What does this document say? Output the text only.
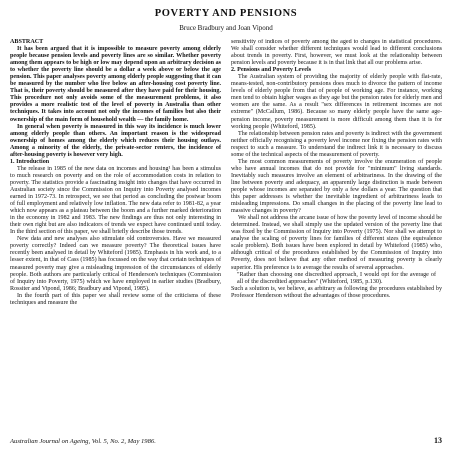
POVERTY AND PENSIONS
Bruce Bradbury and Joan Vipond

ABSTRACT

It has been argued that it is impossible to measure poverty among elderly people because pension levels and poverty lines are so similar. Whether poverty among them appears to be high or low may depend upon an arbitrary decision as to whether the poverty line should be a dollar a week above or below the age pension. This paper analyses poverty among elderly people suggesting that it can be measured by the number who live below an after-housing cost poverty line. That is, their poverty should be measured after they have paid for their housing. This procedure not only avoids some of the measurement problems, it also provides a more realistic test of the level of poverty in Australia than other techniques. It takes into account not only the incomes of families but also their ownership of the main form of household wealth — the family home.

In general when poverty is measured in this way its incidence is much lower among elderly people than others. An important reason is the widespread ownership of homes among the elderly which reduces their housing outlays. Among a minority of the elderly, the private-sector renters, the incidence of after-housing poverty is however very high.

1. Introduction

The release in 1985 of the new data on incomes and housing¹ has been a stimulus to much research on poverty and on the role of accommodation costs in relation to poverty. The statistics provide a fascinating insight into changes that have occurred in Australian society since the Commission on Inquiry into Poverty analysed incomes earned in 1972-73. In retrospect, we see that period as concluding the postwar boom of full employment and relatively low inflation. The new data refer to 1981-82, a year which now appears as a plateau between the boom and a further marked deterioration in the economy in 1982 and 1983. The new findings are thus not only interesting in their own right but are also indicators of trends we expect have continued until today. In the third section of this paper, we shall briefly describe those trends.

New data and new analyses also stimulate old controversies. Have we measured poverty correctly? Indeed can we measure poverty? The theoretical issues have recently been analysed in detail by Whiteford (1985). Emphasis in his work and, to a lesser extent, in that of Cass (1985) has focussed on the way that certain techniques of measured poverty may give a misleading impression of the circumstances of elderly people. Both authors are particularly critical of Henderson's techniques (Commission of Inquiry into Poverty, 1975) which we have employed in earlier studies (Bradbury, Rossiter and Vipond, 1986; Bradbury and Vipond, 1985).

In the fourth part of this paper we shall review some of the criticisms of these techniques and measure the

sensitivity of indices of poverty among the aged to changes in statistical procedures. We shall consider whether different techniques would lead to different conclusions about trends in poverty. First, however, we must look at the relationship between pension levels and poverty because it is in that link that all our problems arise.

2. Pensions and Poverty Levels

The Australian system of providing the majority of elderly people with flat-rate, means-tested, non-contributory pensions does much to divorce the pattern of income levels of elderly people from that of people of working age. For instance, working men tend to obtain higher wages as they age but the pension rates for elderly men and women are the same. As a result "sex differences in retirement incomes are not extreme" (McCallum, 1986). Because so many elderly people have the same age-pension income, poverty measurement is more difficult among them than it is for working people (Whiteford, 1985).

The relationship between pension rates and poverty is indirect with the government neither officially recognising a poverty level income nor fixing the pension rates with respect to such a measure. To understand the indirect link it is necessary to discuss some of the technical aspects of the measurement of poverty.

The most common measurements of poverty involve the enumeration of people who have annual incomes that do not provide for "minimum" living standards. Inevitably such measures involve an element of arbitrariness. In the drawing of the line between poverty and adequacy, an apparently large distinction is made between people whose incomes are separated by only a few dollars a year. The question that this paper addresses is whether the inevitable ingredient of arbitrariness leads to misleading impressions. Do small changes in the placing of the poverty line lead to massive changes in poverty?

We shall not address the arcane issue of how the poverty level of income should be determined. Instead, we shall simply use the updated version of the poverty line that was fixed by the Commission of Inquiry into Poverty (1975). Nor shall we attempt to analyse the scaling of poverty lines for families of different sizes (the equivalence scale problem). Both issues have been explored in detail by Whiteford (1985) who, although critical of the procedures established by the Commission of Inquiry into Poverty, does not believe that any other method of measuring poverty is clearly superior. His preference is to average the results of several approaches.

"Rather than choosing one discredited approach, I would opt for the average of all of the discredited approaches" (Whiteford, 1985, p.130).

Such a solution is, we believe, as arbitrary as following the procedures established by Professor Henderson without the advantages of those procedures.

Australian Journal on Ageing, Vol. 5, No. 2, May 1986.	13
